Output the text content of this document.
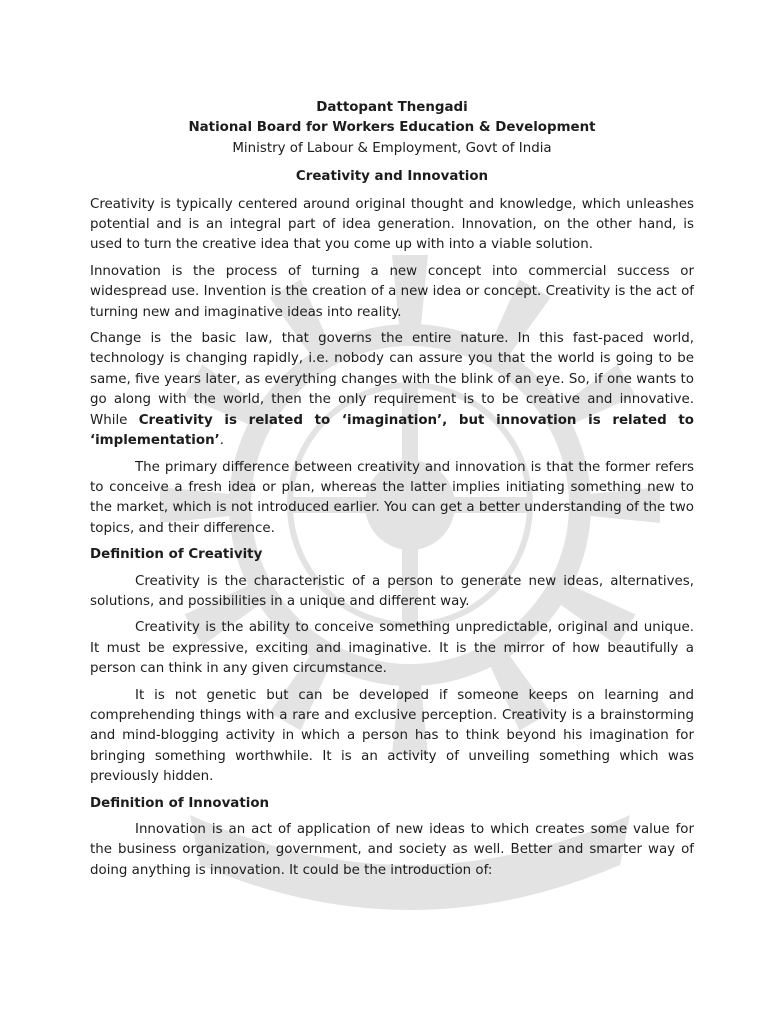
Dattopant Thengadi
National Board for Workers Education & Development
Ministry of Labour & Employment, Govt of India
Creativity and Innovation

Creativity is typically centered around original thought and knowledge, which unleashes potential and is an integral part of idea generation. Innovation, on the other hand, is used to turn the creative idea that you come up with into a viable solution.

Innovation is the process of turning a new concept into commercial success or widespread use. Invention is the creation of a new idea or concept. Creativity is the act of turning new and imaginative ideas into reality.

Change is the basic law, that governs the entire nature. In this fast-paced world, technology is changing rapidly, i.e. nobody can assure you that the world is going to be same, five years later, as everything changes with the blink of an eye. So, if one wants to go along with the world, then the only requirement is to be creative and innovative. While Creativity is related to ‘imagination’, but innovation is related to ‘implementation’.

The primary difference between creativity and innovation is that the former refers to conceive a fresh idea or plan, whereas the latter implies initiating something new to the market, which is not introduced earlier. You can get a better understanding of the two topics, and their difference.

Definition of Creativity

Creativity is the characteristic of a person to generate new ideas, alternatives, solutions, and possibilities in a unique and different way.

Creativity is the ability to conceive something unpredictable, original and unique. It must be expressive, exciting and imaginative. It is the mirror of how beautifully a person can think in any given circumstance.

It is not genetic but can be developed if someone keeps on learning and comprehending things with a rare and exclusive perception. Creativity is a brainstorming and mind-blogging activity in which a person has to think beyond his imagination for bringing something worthwhile. It is an activity of unveiling something which was previously hidden.

Definition of Innovation

Innovation is an act of application of new ideas to which creates some value for the business organization, government, and society as well. Better and smarter way of doing anything is innovation. It could be the introduction of:
